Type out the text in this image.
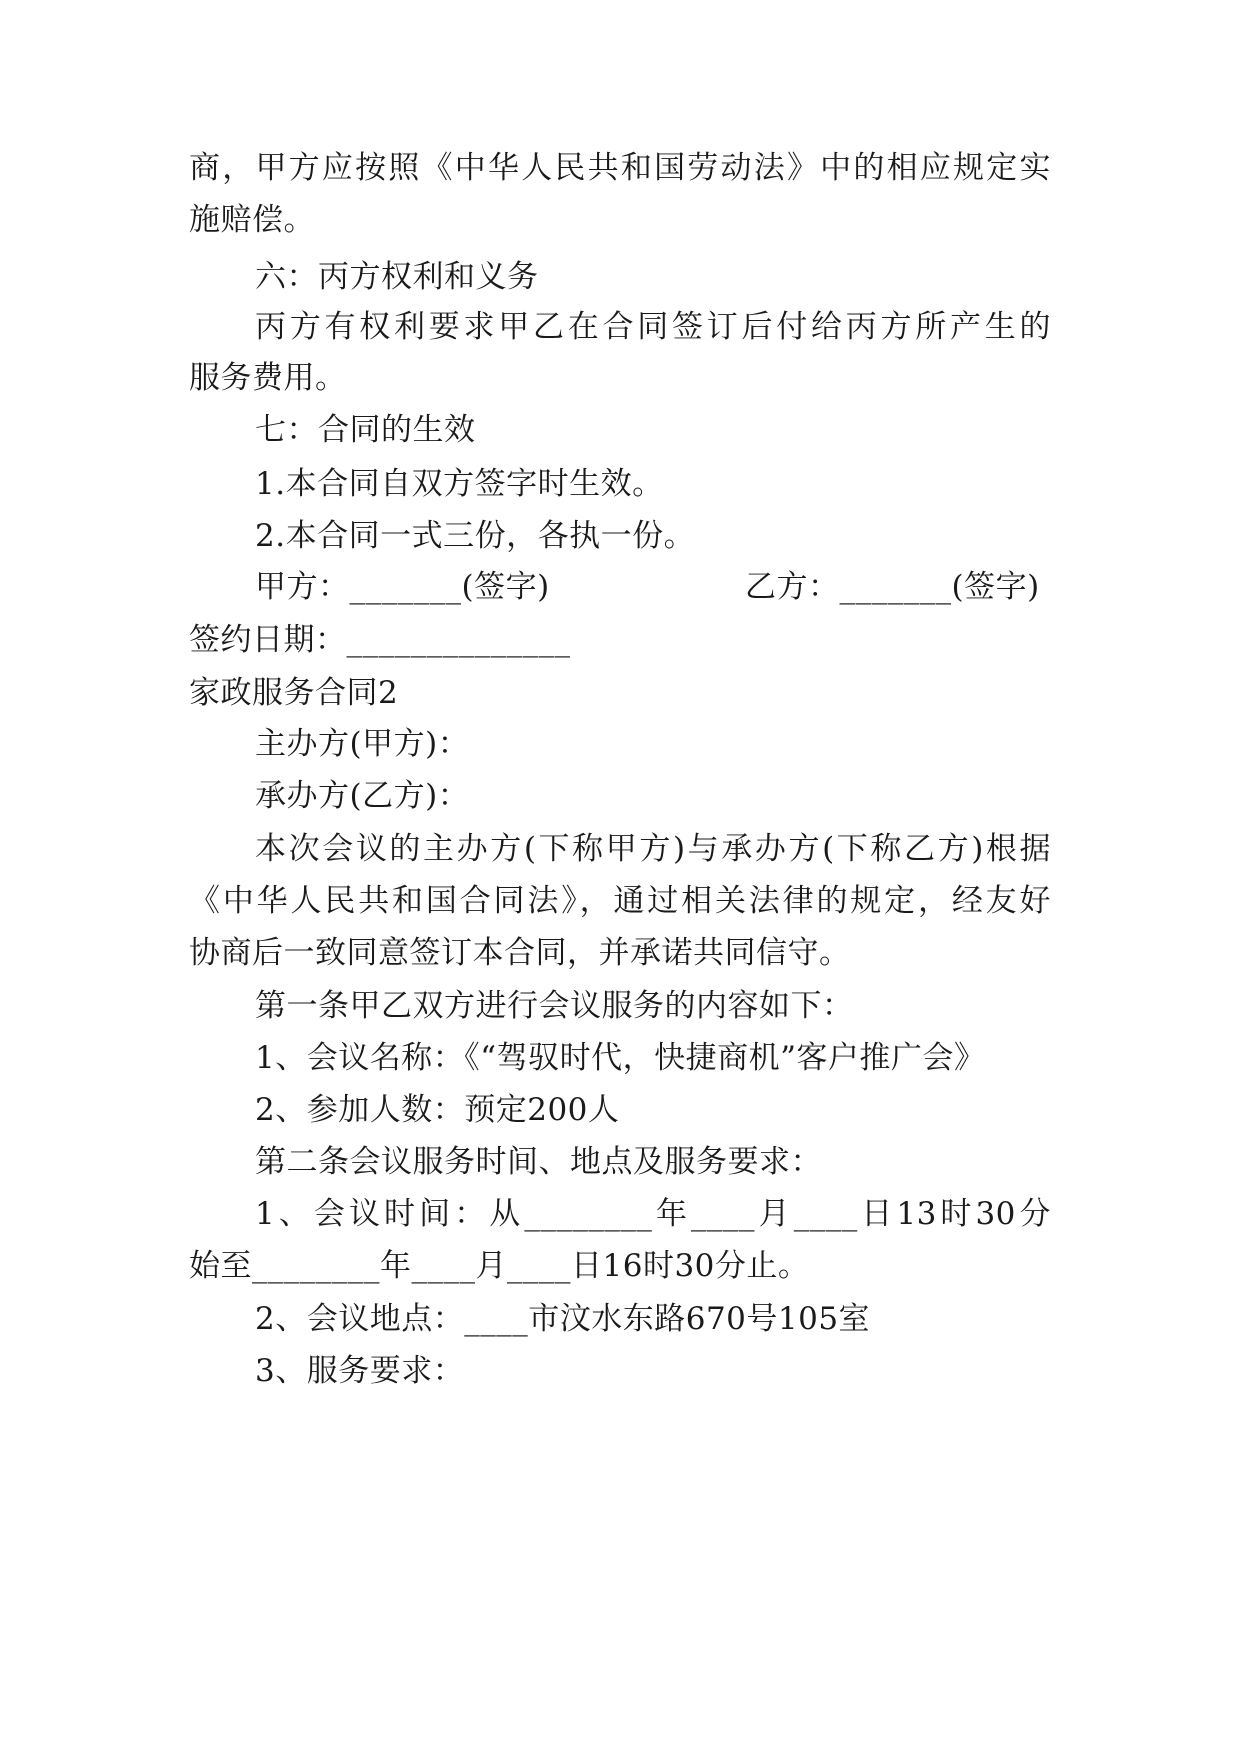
商，甲方应按照《中华人民共和国劳动法》中的相应规定实
施赔偿。
六：丙方权利和义务
丙方有权利要求甲乙在合同签订后付给丙方所产生的
服务费用。
七：合同的生效
1.本合同自双方签字时生效。
2.本合同一式三份，各执一份。
甲方：_______(签字)	乙方：_______(签字)
签约日期：______________
家政服务合同2
主办方(甲方)：
承办方(乙方)：
本次会议的主办方(下称甲方)与承办方(下称乙方)根据
《中华人民共和国合同法》，通过相关法律的规定，经友好
协商后一致同意签订本合同，并承诺共同信守。
第一条甲乙双方进行会议服务的内容如下：
1、会议名称：《“驾驭时代，快捷商机”客户推广会》
2、参加人数：预定200人
第二条会议服务时间、地点及服务要求：
1、会议时间：从________年____月____日13时30分
始至________年____月____日16时30分止。
2、会议地点：____市汶水东路670号105室
3、服务要求：
